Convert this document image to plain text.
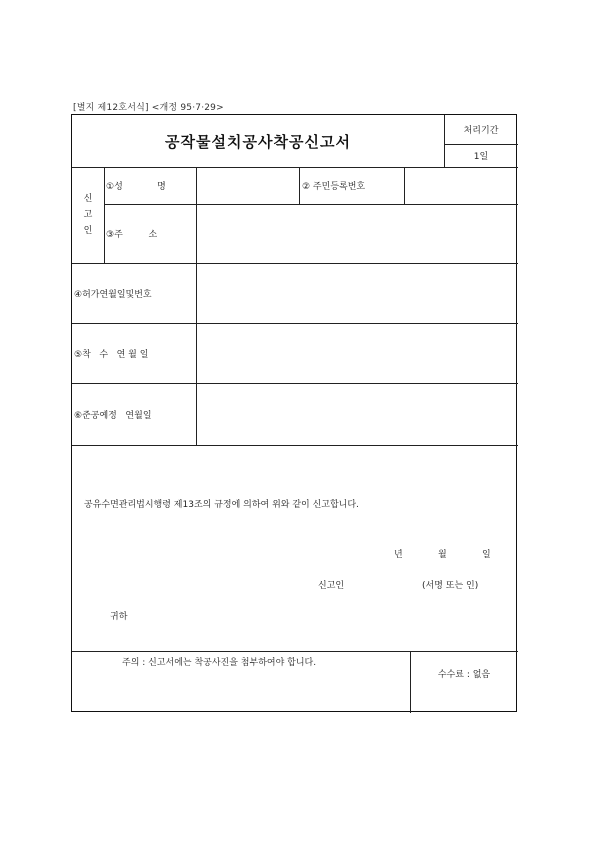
[별지 제12호서식] <개정 95·7·29>
공작물설치공사착공신고서
처리기간
1일
신
고
인
①성            명	② 주민등록번호
③주         소
④허가연월일및번호
⑤착   수   연 월 일
⑥준공예정   연월일
공유수면관리법시행령 제13조의 규정에 의하여 위와 같이 신고합니다.
년	월	일
신고인	(서명 또는 인)
귀하
주의 : 신고서에는 착공사진을 첨부하여야 합니다.
수수료 : 없음
